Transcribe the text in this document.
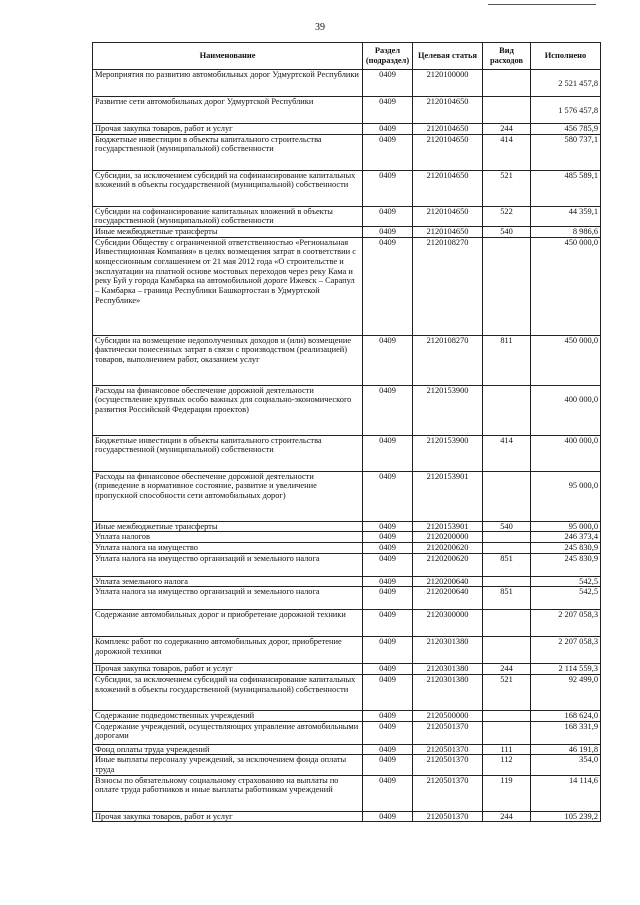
39
Наименование	Раздел (подраздел)	Целевая статья	Вид расходов	Исполнено
Мероприятия по развитию автомобильных дорог Удмуртской Республики	0409	2120100000		2 521 457,8
Развитие сети автомобильных дорог Удмуртской Республики	0409	2120104650		1 576 457,8
Прочая закупка товаров, работ и услуг	0409	2120104650	244	456 785,9
Бюджетные инвестиции в объекты капитального строительства государственной (муниципальной) собственности	0409	2120104650	414	580 737,1
Субсидии, за исключением субсидий на софинансирование капитальных вложений в объекты государственной (муниципальной) собственности	0409	2120104650	521	485 589,1
Субсидии на софинансирование капитальных вложений в объекты государственной (муниципальной) собственности	0409	2120104650	522	44 359,1
Иные межбюджетные трансферты	0409	2120104650	540	8 986,6
Субсидии Обществу с ограниченной ответственностью «Региональная Инвестиционная Компания» в целях возмещения затрат в соответствии с концессионным соглашением от 21 мая 2012 года «О строительстве и эксплуатации на платной основе мостовых переходов через реку Кама и реку Буй у города Камбарка на автомобильной дороге Ижевск – Сарапул – Камбарка – граница Республики Башкортостан в Удмуртской Республике»	0409	2120108270		450 000,0
Субсидии на возмещение недополученных доходов и (или) возмещение фактически понесенных затрат в связи с производством (реализацией) товаров, выполнением работ, оказанием услуг	0409	2120108270	811	450 000,0
Расходы на финансовое обеспечение дорожной деятельности (осуществление крупных особо важных для социально-экономического развития Российской Федерации проектов)	0409	2120153900		400 000,0
Бюджетные инвестиции в объекты капитального строительства государственной (муниципальной) собственности	0409	2120153900	414	400 000,0
Расходы на финансовое обеспечение дорожной деятельности (приведение в нормативное состояние, развитие и увеличение пропускной способности сети автомобильных дорог)	0409	2120153901		95 000,0
Иные межбюджетные трансферты	0409	2120153901	540	95 000,0
Уплата налогов	0409	2120200000		246 373,4
Уплата налога на имущество	0409	2120200620		245 830,9
Уплата налога на имущество организаций и земельного налога	0409	2120200620	851	245 830,9
Уплата земельного налога	0409	2120200640		542,5
Уплата налога на имущество организаций и земельного налога	0409	2120200640	851	542,5
Содержание автомобильных дорог и приобретение дорожной техники	0409	2120300000		2 207 058,3
Комплекс работ по содержанию автомобильных дорог, приобретение дорожной техники	0409	2120301380		2 207 058,3
Прочая закупка товаров, работ и услуг	0409	2120301380	244	2 114 559,3
Субсидии, за исключением субсидий на софинансирование капитальных вложений в объекты государственной (муниципальной) собственности	0409	2120301380	521	92 499,0
Содержание подведомственных учреждений	0409	2120500000		168 624,0
Содержание учреждений, осуществляющих управление автомобильными дорогами	0409	2120501370		168 331,9
Фонд оплаты труда учреждений	0409	2120501370	111	46 191,8
Иные выплаты персоналу учреждений, за исключением фонда оплаты труда	0409	2120501370	112	354,0
Взносы по обязательному социальному страхованию на выплаты по оплате труда работников и иные выплаты работникам учреждений	0409	2120501370	119	14 114,6
Прочая закупка товаров, работ и услуг	0409	2120501370	244	105 239,2
